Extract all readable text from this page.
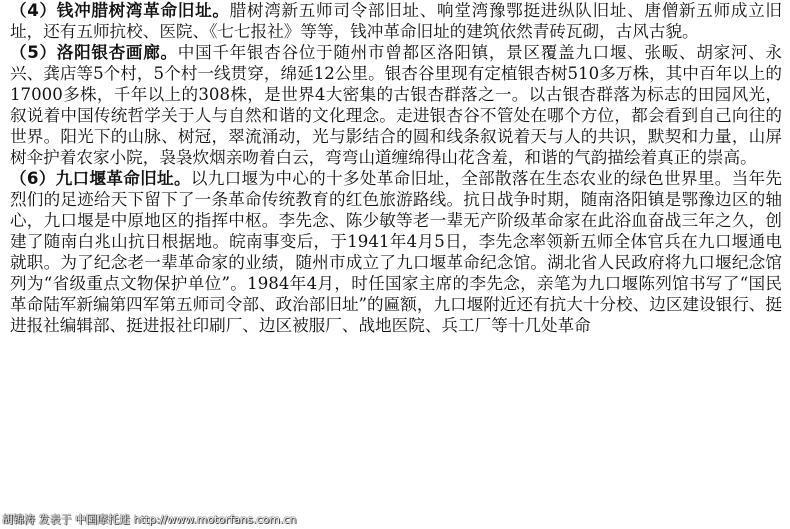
（4）钱冲腊树湾革命旧址。腊树湾新五师司令部旧址、响堂湾豫鄂挺进纵队旧址、唐僧新五师成立旧址，还有五师抗校、医院、《七七报社》等等，钱冲革命旧址的建筑依然青砖瓦砌，古风古貌。

（5）洛阳银杏画廊。中国千年银杏谷位于随州市曾都区洛阳镇，景区覆盖九口堰、张畈、胡家河、永兴、龚店等5个村，5个村一线贯穿，绵延12公里。银杏谷里现有定植银杏树510多万株，其中百年以上的17000多株，千年以上的308株，是世界4大密集的古银杏群落之一。以古银杏群落为标志的田园风光，叙说着中国传统哲学关于人与自然和谐的文化理念。走进银杏谷不管处在哪个方位，都会看到自己向往的世界。阳光下的山脉、树冠，翠流涌动，光与影结合的圆和线条叙说着天与人的共识，默契和力量，山屏树伞护着农家小院，袅袅炊烟亲吻着白云，弯弯山道缠绵得山花含羞，和谐的气韵描绘着真正的崇高。

（6）九口堰革命旧址。以九口堰为中心的十多处革命旧址，全部散落在生态农业的绿色世界里。当年先烈们的足迹给天下留下了一条革命传统教育的红色旅游路线。抗日战争时期，随南洛阳镇是鄂豫边区的轴心，九口堰是中原地区的指挥中枢。李先念、陈少敏等老一辈无产阶级革命家在此浴血奋战三年之久，创建了随南白兆山抗日根据地。皖南事变后，于1941年4月5日，李先念率领新五师全体官兵在九口堰通电就职。为了纪念老一辈革命家的业绩，随州市成立了九口堰革命纪念馆。湖北省人民政府将九口堰纪念馆列为“省级重点文物保护单位”。1984年4月，时任国家主席的李先念，亲笔为九口堰陈列馆书写了“国民革命陆军新编第四军第五师司令部、政治部旧址”的匾额，九口堰附近还有抗大十分校、边区建设银行、挺进报社编辑部、挺进报社印刷厂、边区被服厂、战地医院、兵工厂等十几处革命

胡锦涛 发表于 中国摩托迷 http://www.motorfans.com.cn
